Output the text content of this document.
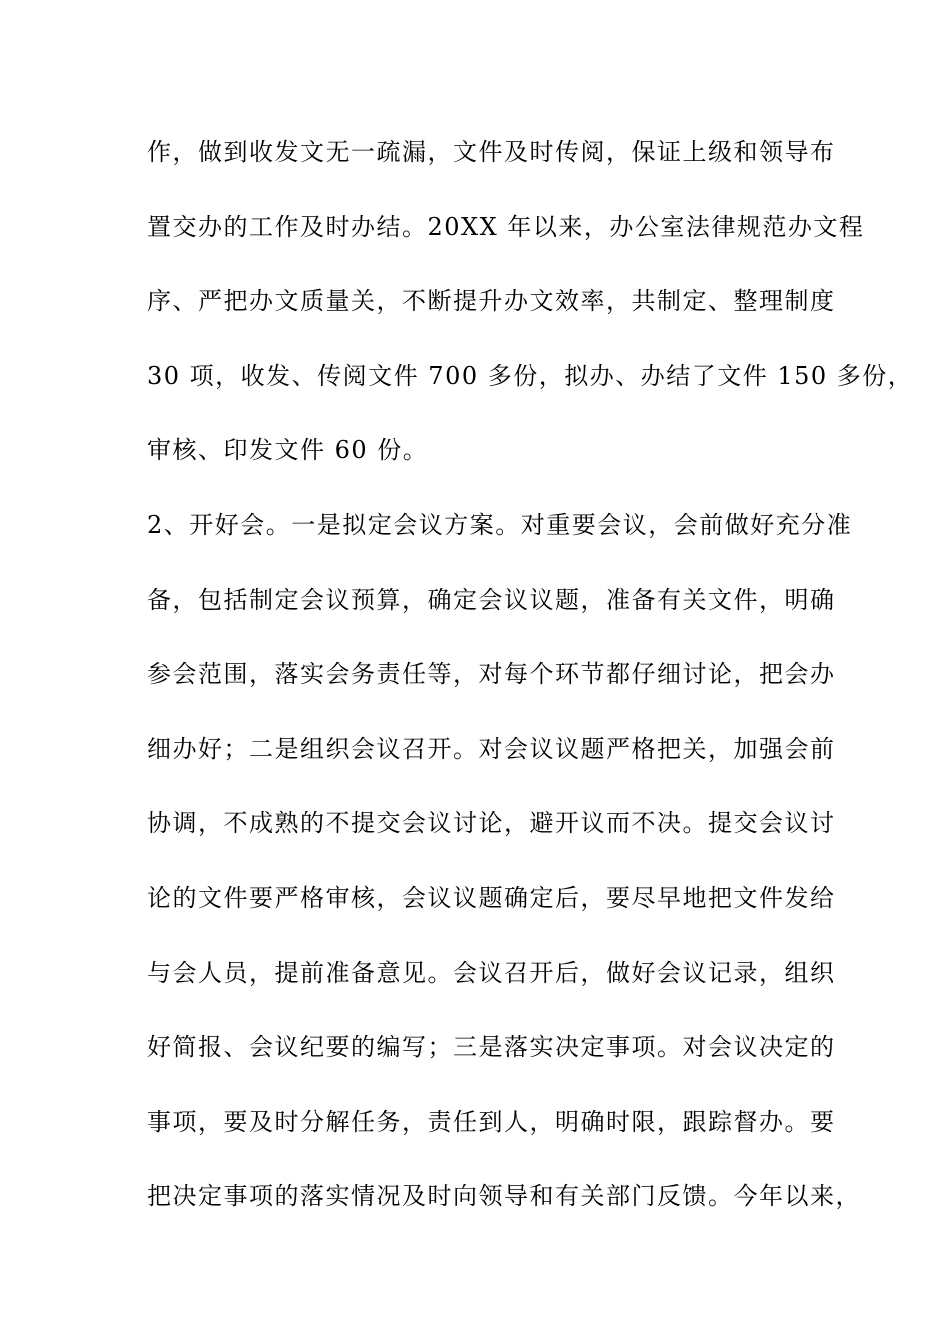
作，做到收发文无一疏漏，文件及时传阅，保证上级和领导布
置交办的工作及时办结。20XX 年以来，办公室法律规范办文程
序、严把办文质量关，不断提升办文效率，共制定、整理制度
30 项，收发、传阅文件 700 多份，拟办、办结了文件 150 多份，
审核、印发文件 60 份。
2、开好会。一是拟定会议方案。对重要会议，会前做好充分准
备，包括制定会议预算，确定会议议题，准备有关文件，明确
参会范围，落实会务责任等，对每个环节都仔细讨论，把会办
细办好；二是组织会议召开。对会议议题严格把关，加强会前
协调，不成熟的不提交会议讨论，避开议而不决。提交会议讨
论的文件要严格审核，会议议题确定后，要尽早地把文件发给
与会人员，提前准备意见。会议召开后，做好会议记录，组织
好简报、会议纪要的编写；三是落实决定事项。对会议决定的
事项，要及时分解任务，责任到人，明确时限，跟踪督办。要
把决定事项的落实情况及时向领导和有关部门反馈。今年以来，
